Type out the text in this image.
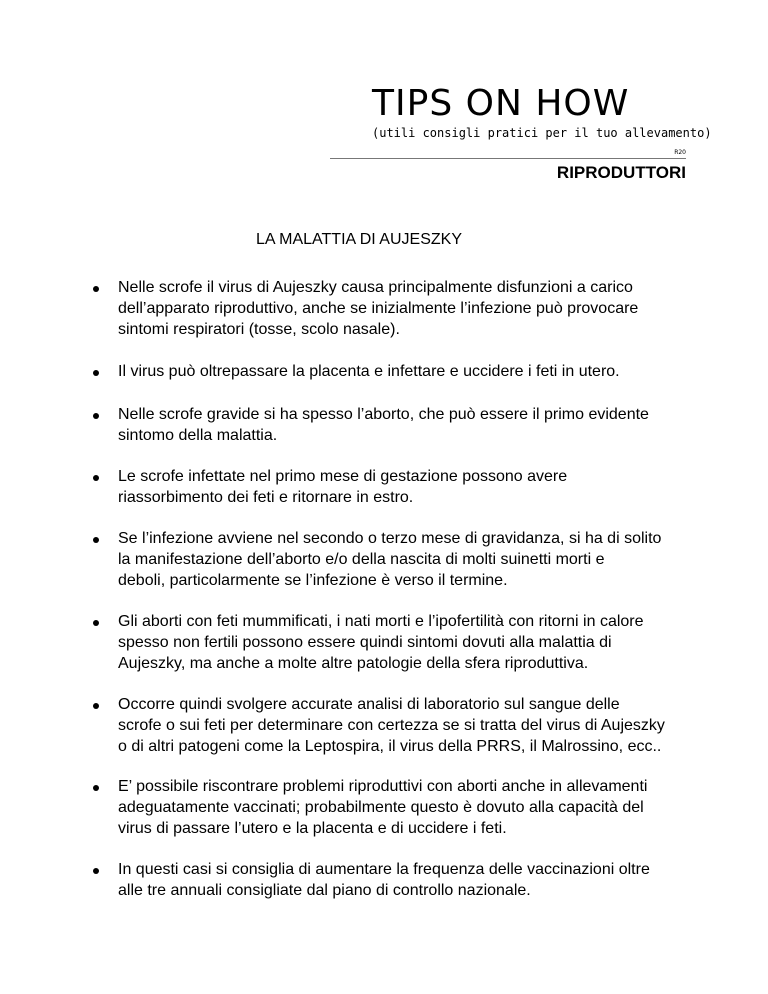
TIPS ON HOW
(utili consigli pratici per il tuo allevamento)
R20
RIPRODUTTORI
LA MALATTIA DI AUJESZKY
Nelle scrofe il virus di Aujeszky causa principalmente disfunzioni a carico
dell’apparato riproduttivo, anche se inizialmente l’infezione può provocare
sintomi respiratori (tosse, scolo nasale).
Il virus può oltrepassare la placenta e infettare e uccidere i feti in utero.
Nelle scrofe gravide si ha spesso l’aborto, che può essere il primo evidente
sintomo della malattia.
Le scrofe infettate nel primo mese di gestazione possono avere
riassorbimento dei feti e ritornare in estro.
Se l’infezione avviene nel secondo o terzo mese di gravidanza, si ha di solito
la manifestazione dell’aborto e/o della nascita di molti suinetti morti e
deboli, particolarmente se l’infezione è verso il termine.
Gli aborti con feti mummificati, i nati morti e l’ipofertilità con ritorni in calore
spesso non fertili possono essere quindi sintomi dovuti alla malattia di
Aujeszky, ma anche a molte altre patologie della sfera riproduttiva.
Occorre quindi svolgere accurate analisi di laboratorio sul sangue delle
scrofe o sui feti per determinare con certezza se si tratta del virus di Aujeszky
o di altri patogeni come la Leptospira, il virus della PRRS, il Malrossino, ecc..
E’ possibile riscontrare problemi riproduttivi con aborti anche in allevamenti
adeguatamente vaccinati; probabilmente questo è dovuto alla capacità del
virus di passare l’utero e la placenta e di uccidere i feti.
In questi casi si consiglia di aumentare la frequenza delle vaccinazioni oltre
alle tre annuali consigliate dal piano di controllo nazionale.
